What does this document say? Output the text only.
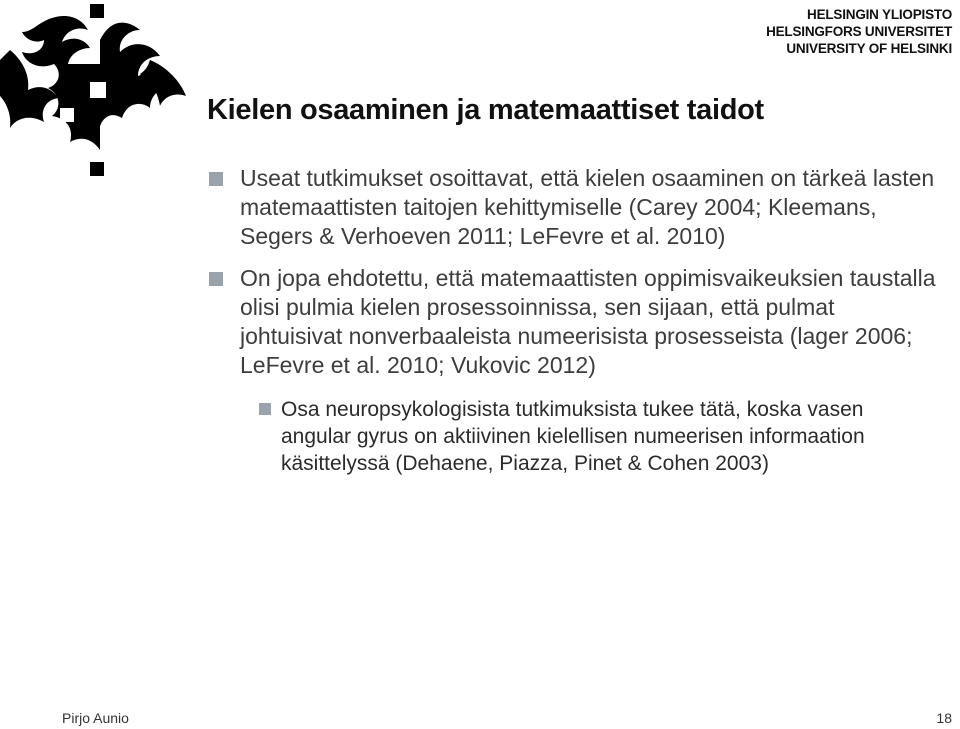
HELSINGIN YLIOPISTO
HELSINGFORS UNIVERSITET
UNIVERSITY OF HELSINKI
Kielen osaaminen ja matemaattiset taidot
Useat tutkimukset osoittavat, että kielen osaaminen on tärkeä lasten matemaattisten taitojen kehittymiselle (Carey 2004; Kleemans, Segers & Verhoeven 2011; LeFevre et al. 2010)
On jopa ehdotettu, että matemaattisten oppimisvaikeuksien taustalla olisi pulmia kielen prosessoinnissa, sen sijaan, että pulmat johtuisivat nonverbaaleista numeerisista prosesseista (lager 2006; LeFevre et al. 2010; Vukovic 2012)
Osa neuropsykologisista tutkimuksista tukee tätä, koska vasen angular gyrus on aktiivinen kielellisen numeerisen informaation käsittelyssä (Dehaene, Piazza, Pinet & Cohen 2003)
Pirjo Aunio	18
